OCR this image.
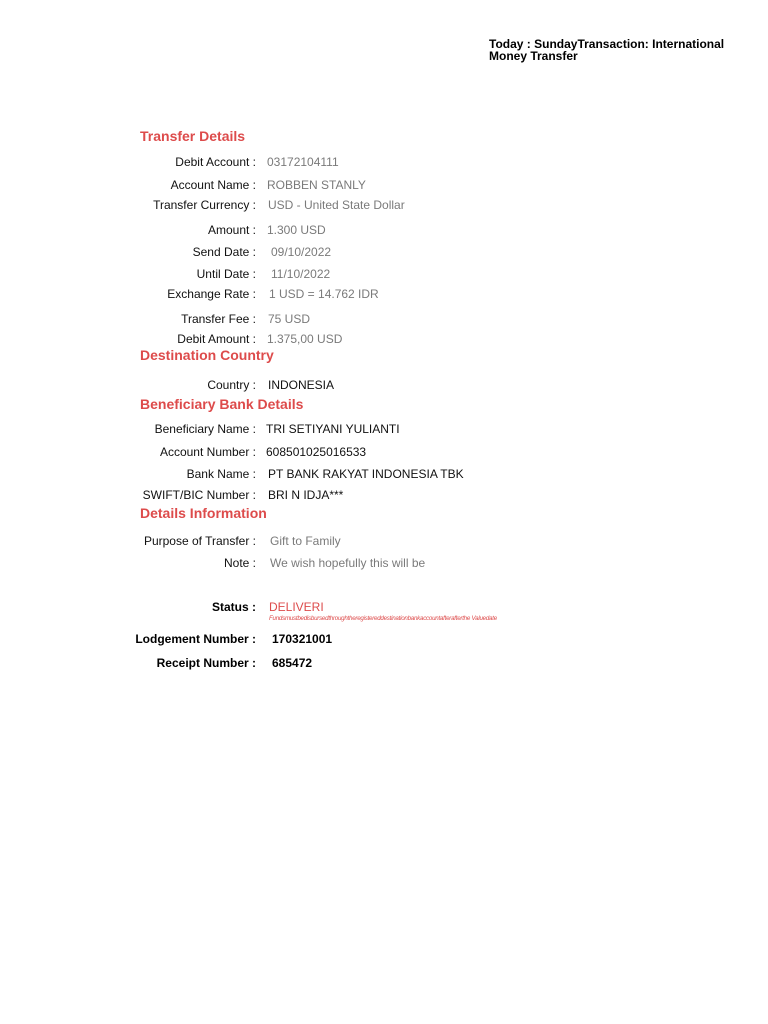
Today : SundayTransaction: International
Money Transfer
Transfer Details
Debit Account : 03172104111
Account Name : ROBBEN STANLY
Transfer Currency : USD - United State Dollar
Amount : 1.300 USD
Send Date : 09/10/2022
Until Date : 11/10/2022
Exchange Rate : 1 USD = 14.762 IDR
Transfer Fee : 75 USD
Debit Amount : 1.375,00 USD
Destination Country
Country : INDONESIA
Beneficiary Bank Details
Beneficiary Name : TRI SETIYANI YULIANTI
Account Number : 608501025016533
Bank Name : PT BANK RAKYAT INDONESIA TBK
SWIFT/BIC Number : BRI N IDJA***
Details Information
Purpose of Transfer : Gift to Family
Note : We wish hopefully this will be
Status : DELIVERI
Fundsmustbedisbursedthroughtheregistereddestinationbankaccountafterafterthe Valuedate
Lodgement Number : 170321001
Receipt Number : 685472
